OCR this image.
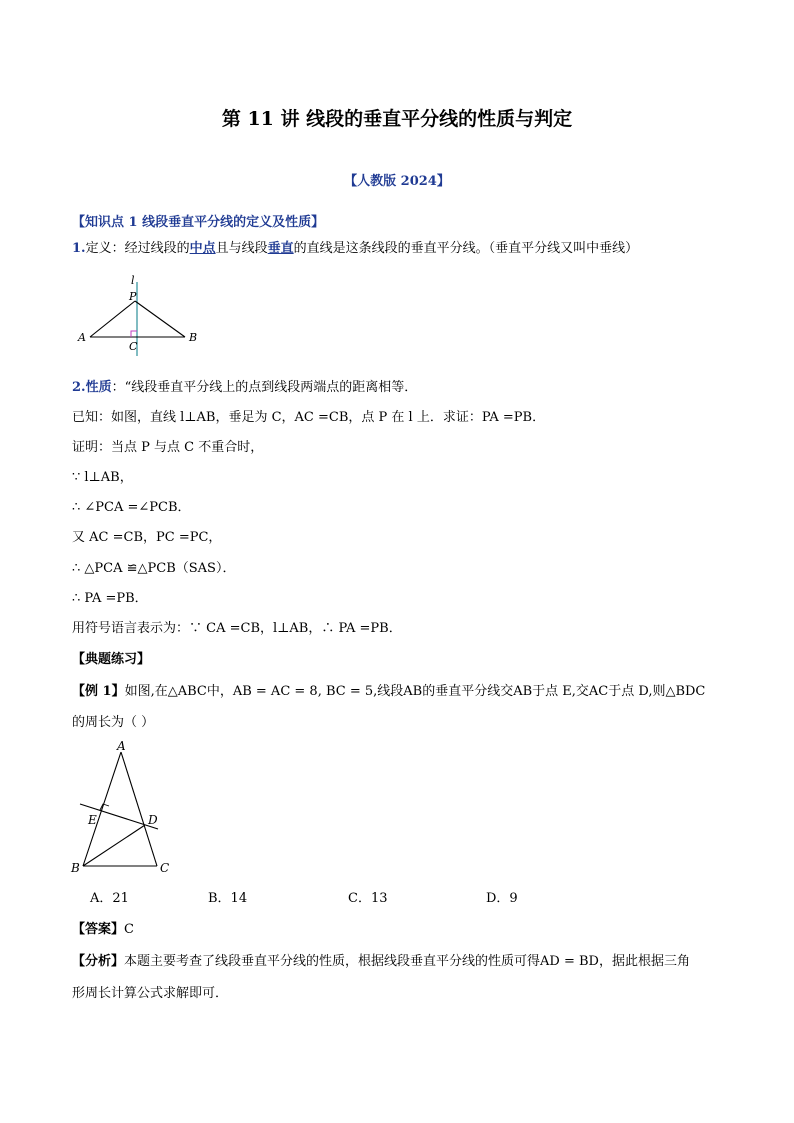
第 11 讲 线段的垂直平分线的性质与判定
【人教版 2024】
【知识点 1 线段垂直平分线的定义及性质】
1.定义：经过线段的中点且与线段垂直的直线是这条线段的垂直平分线。（垂直平分线又叫中垂线）
l
P
A	B
C
2.性质：“线段垂直平分线上的点到线段两端点的距离相等．
已知：如图，直线 l⊥AB，垂足为 C，AC =CB，点 P 在 l 上．求证：PA =PB．
证明：当点 P 与点 C 不重合时，
∵ l⊥AB，
∴ ∠PCA =∠PCB．
又 AC =CB，PC =PC，
∴ △PCA ≌△PCB（SAS）．
∴ PA =PB．
用符号语言表示为：∵ CA =CB，l⊥AB，∴ PA =PB．
【典题练习】
【例 1】如图,在△ABC中，AB = AC = 8, BC = 5,线段AB的垂直平分线交AB于点 E,交AC于点 D,则△BDC
的周长为（ ）
A
B	C
D
E
A．21	B．14	C．13	D．9
【答案】C
【分析】本题主要考查了线段垂直平分线的性质，根据线段垂直平分线的性质可得AD = BD，据此根据三角
形周长计算公式求解即可．
